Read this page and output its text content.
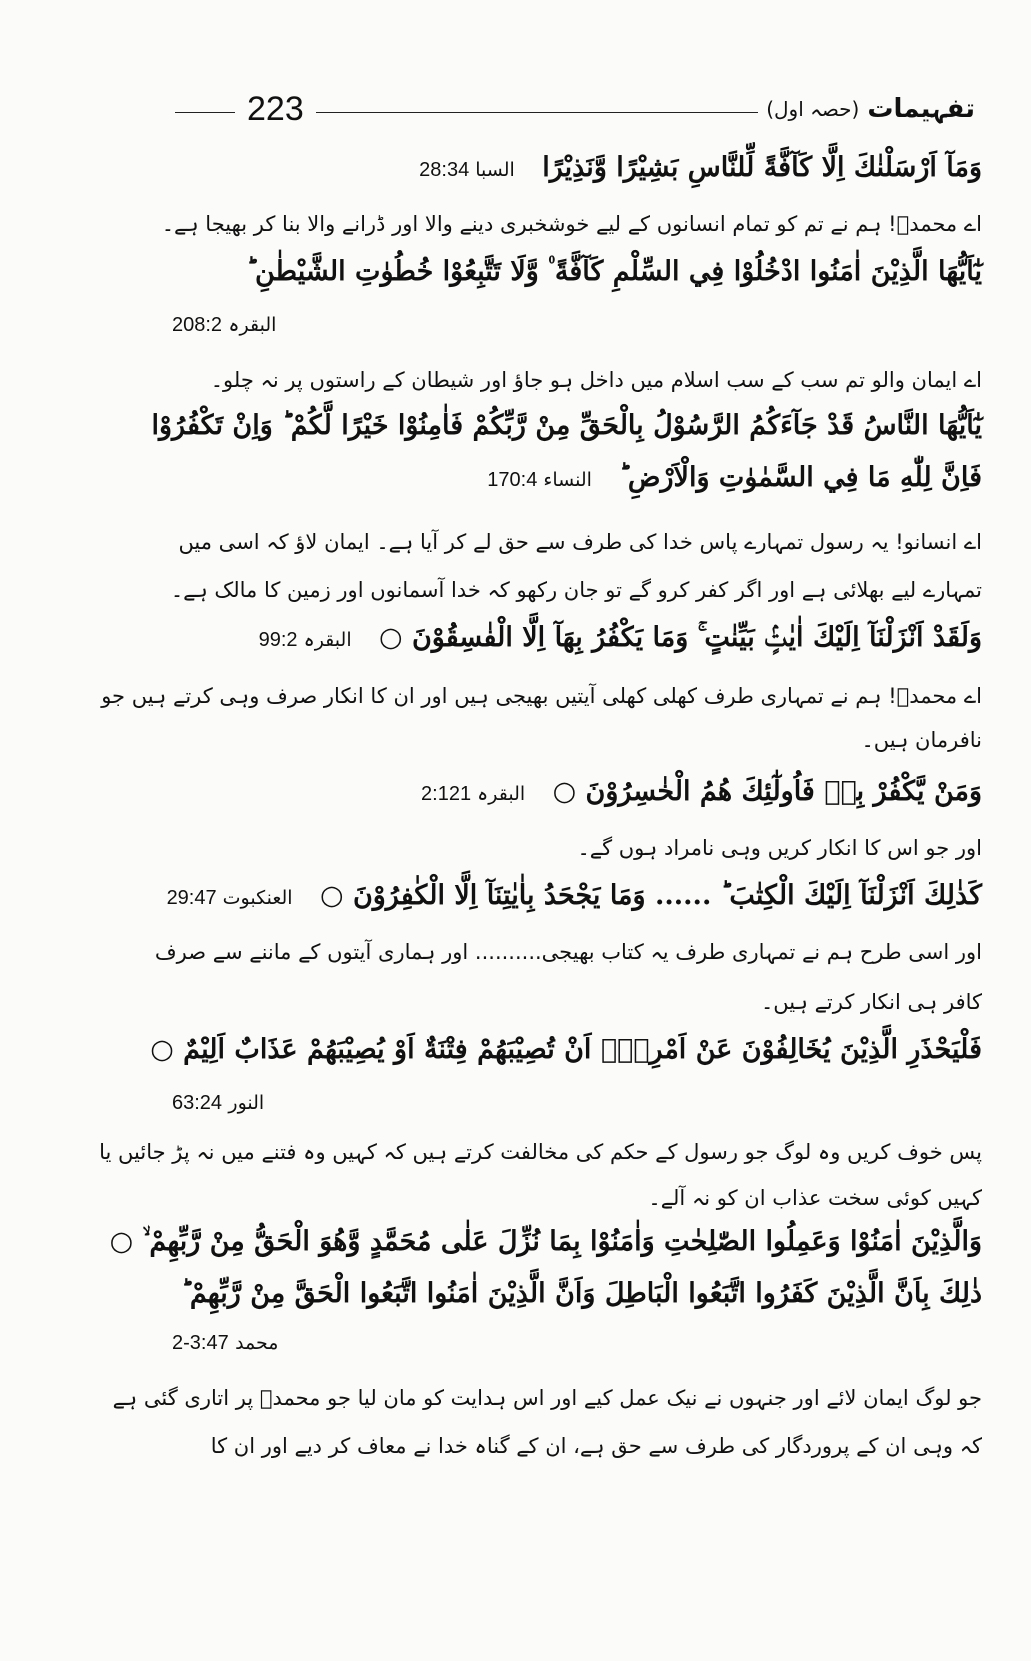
تفہیمات
(حصہ اول)
223
وَمَآ اَرْسَلْنٰكَ اِلَّا كَآفَّةً لِّلنَّاسِ بَشِيْرًا وَّنَذِيْرًا السبا 28:34
اے محمدؐ! ہم نے تم کو تمام انسانوں کے لیے خوشخبری دینے والا اور ڈرانے والا بنا کر بھیجا ہے۔
يٰٓاَيُّهَا الَّذِيْنَ اٰمَنُوا ادْخُلُوْا فِي السِّلْمِ كَآفَّةً ۠ وَّلَا تَتَّبِعُوْا خُطُوٰتِ الشَّيْطٰنِ ؕ
البقرہ 208:2
اے ایمان والو تم سب کے سب اسلام میں داخل ہو جاؤ اور شیطان کے راستوں پر نہ چلو۔
يٰٓاَيُّهَا النَّاسُ قَدْ جَآءَكُمُ الرَّسُوْلُ بِالْحَقِّ مِنْ رَّبِّكُمْ فَاٰمِنُوْا خَيْرًا لَّكُمْ ؕ وَاِنْ تَكْفُرُوْا
فَاِنَّ لِلّٰهِ مَا فِي السَّمٰوٰتِ وَالْاَرْضِ ؕ النساء 170:4
اے انسانو! یہ رسول تمہارے پاس خدا کی طرف سے حق لے کر آیا ہے۔ ایمان لاؤ کہ اسی میں
تمہارے لیے بھلائی ہے اور اگر کفر کرو گے تو جان رکھو کہ خدا آسمانوں اور زمین کا مالک ہے۔
وَلَقَدْ اَنْزَلْنَآ اِلَيْكَ اٰيٰتٍۢ بَيِّنٰتٍ ۚ وَمَا يَكْفُرُ بِهَآ اِلَّا الْفٰسِقُوْنَ ○ البقرہ 99:2
اے محمدؐ! ہم نے تمہاری طرف کھلی کھلی آیتیں بھیجی ہیں اور ان کا انکار صرف وہی کرتے ہیں جو
نافرمان ہیں۔
وَمَنْ يَّكْفُرْ بِهٖ فَاُولٰٓئِكَ هُمُ الْخٰسِرُوْنَ ○ البقرہ 2:121
اور جو اس کا انکار کریں وہی نامراد ہوں گے۔
كَذٰلِكَ اَنْزَلْنَآ اِلَيْكَ الْكِتٰبَ ؕ ...... وَمَا يَجْحَدُ بِاٰيٰتِنَآ اِلَّا الْكٰفِرُوْنَ ○ العنکبوت 29:47
اور اسی طرح ہم نے تمہاری طرف یہ کتاب بھیجی.......... اور ہماری آیتوں کے ماننے سے صرف
کافر ہی انکار کرتے ہیں۔
فَلْيَحْذَرِ الَّذِيْنَ يُخَالِفُوْنَ عَنْ اَمْرِهٖٓ اَنْ تُصِيْبَهُمْ فِتْنَةٌ اَوْ يُصِيْبَهُمْ عَذَابٌ اَلِيْمٌ ○
النور 63:24
پس خوف کریں وہ لوگ جو رسول کے حکم کی مخالفت کرتے ہیں کہ کہیں وہ فتنے میں نہ پڑ جائیں یا
کہیں کوئی سخت عذاب ان کو نہ آلے۔
وَالَّذِيْنَ اٰمَنُوْا وَعَمِلُوا الصّٰلِحٰتِ وَاٰمَنُوْا بِمَا نُزِّلَ عَلٰى مُحَمَّدٍ وَّهُوَ الْحَقُّ مِنْ رَّبِّهِمْ ۙ ○
ذٰلِكَ بِاَنَّ الَّذِيْنَ كَفَرُوا اتَّبَعُوا الْبَاطِلَ وَاَنَّ الَّذِيْنَ اٰمَنُوا اتَّبَعُوا الْحَقَّ مِنْ رَّبِّهِمْ ؕ
محمد 2-3:47
جو لوگ ایمان لائے اور جنہوں نے نیک عمل کیے اور اس ہدایت کو مان لیا جو محمدؐ پر اتاری گئی ہے
کہ وہی ان کے پروردگار کی طرف سے حق ہے، ان کے گناہ خدا نے معاف کر دیے اور ان کا
